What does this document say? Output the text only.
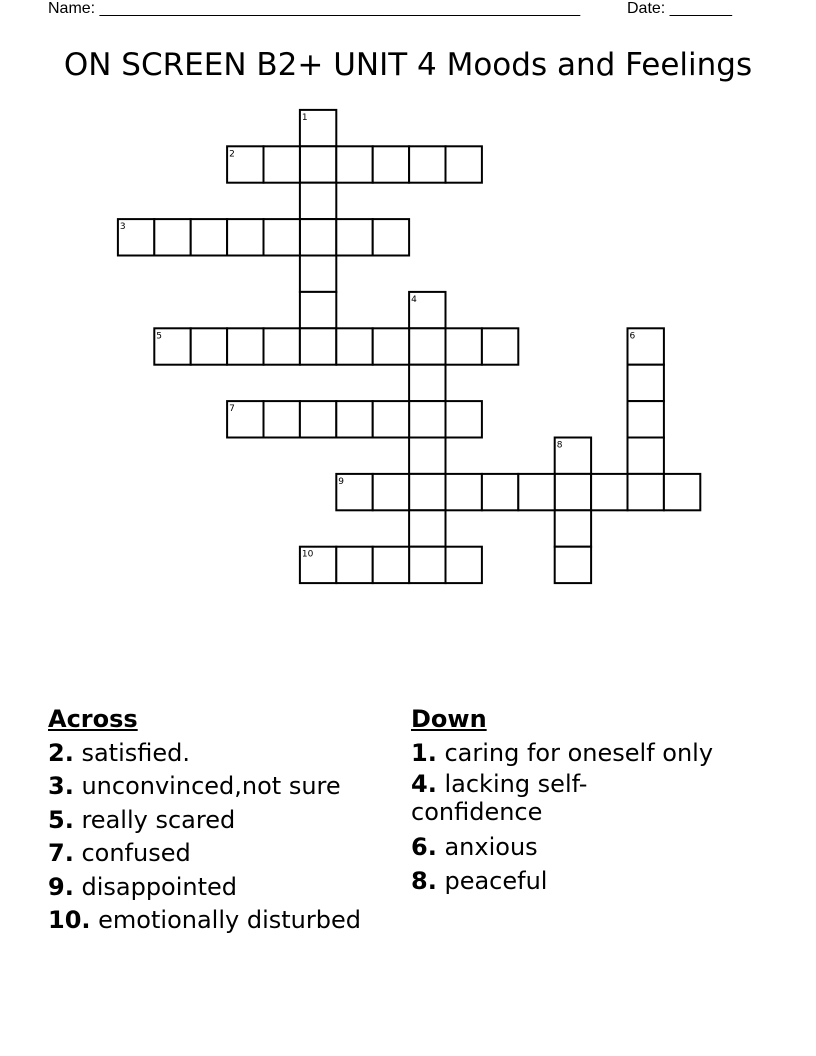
Name: ______________________________________________________	Date: _______
ON SCREEN B2+ UNIT 4 Moods and Feelings
1
2
3
4
5	6
7
8
9
10
Across
2. satisfied.
3. unconvinced,not sure
5. really scared
7. confused
9. disappointed
10. emotionally disturbed
Down
1. caring for oneself only
4. lacking self-confidence
6. anxious
8. peaceful
